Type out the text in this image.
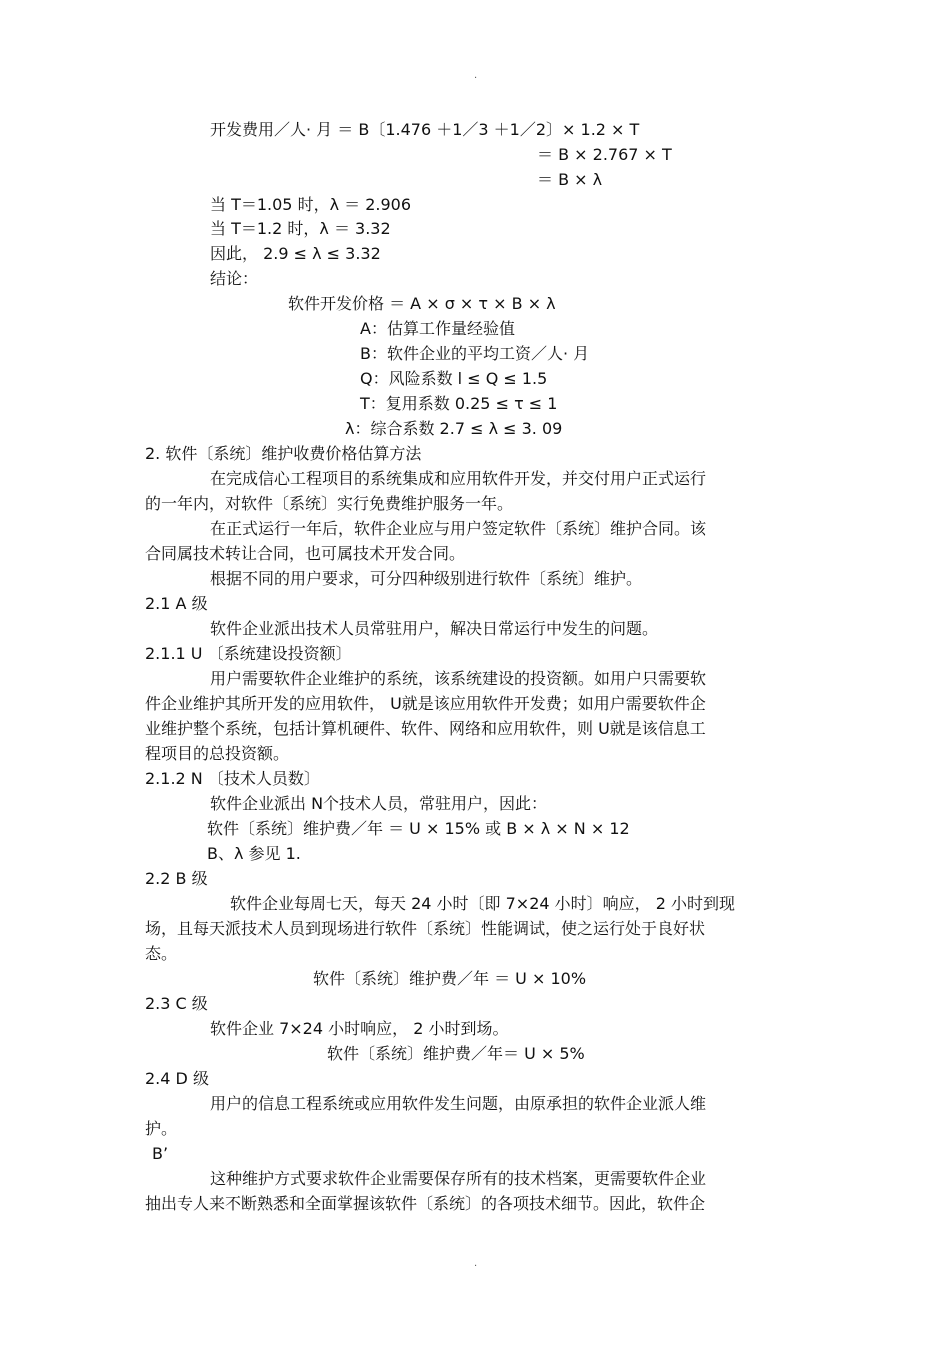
.
开发费用／人· 月 ＝ B〔1.476 ＋1／3 ＋1／2〕× 1.2 × T
＝ B × 2.767 × T
＝ B × λ
当 T＝1.05 时，λ ＝ 2.906
当 T＝1.2 时，λ ＝ 3.32
因此， 2.9 ≤ λ ≤ 3.32
结论：
软件开发价格 ＝ A × σ × τ × B × λ
A：估算工作量经验值
B：软件企业的平均工资／人· 月
Q：风险系数 l ≤ Q ≤ 1.5
T：复用系数 0.25 ≤ τ ≤ 1
λ：综合系数 2.7 ≤ λ ≤ 3. 09
2. 软件〔系统〕维护收费价格估算方法
在完成信心工程项目的系统集成和应用软件开发，并交付用户正式运行
的一年内，对软件〔系统〕实行免费维护服务一年。
在正式运行一年后，软件企业应与用户签定软件〔系统〕维护合同。该
合同属技术转让合同，也可属技术开发合同。
根据不同的用户要求，可分四种级别进行软件〔系统〕维护。
2.1 A 级
软件企业派出技术人员常驻用户，解决日常运行中发生的问题。
2.1.1 U 〔系统建设投资额〕
用户需要软件企业维护的系统，该系统建设的投资额。如用户只需要软
件企业维护其所开发的应用软件， U就是该应用软件开发费；如用户需要软件企
业维护整个系统，包括计算机硬件、软件、网络和应用软件，则 U就是该信息工
程项目的总投资额。
2.1.2 N 〔技术人员数〕
软件企业派出 N个技术人员，常驻用户，因此：
软件〔系统〕维护费／年 ＝ U × 15% 或 B × λ × N × 12
B、λ 参见 1.
2.2 B 级
软件企业每周七天，每天 24 小时〔即 7×24 小时〕响应， 2 小时到现
场，且每天派技术人员到现场进行软件〔系统〕性能调试，使之运行处于良好状
态。
软件〔系统〕维护费／年 ＝ U × 10%
2.3 C 级
软件企业 7×24 小时响应， 2 小时到场。
软件〔系统〕维护费／年＝ U × 5%
2.4 D 级
用户的信息工程系统或应用软件发生问题，由原承担的软件企业派人维
护。
B’
这种维护方式要求软件企业需要保存所有的技术档案，更需要软件企业
抽出专人来不断熟悉和全面掌握该软件〔系统〕的各项技术细节。因此，软件企
.
